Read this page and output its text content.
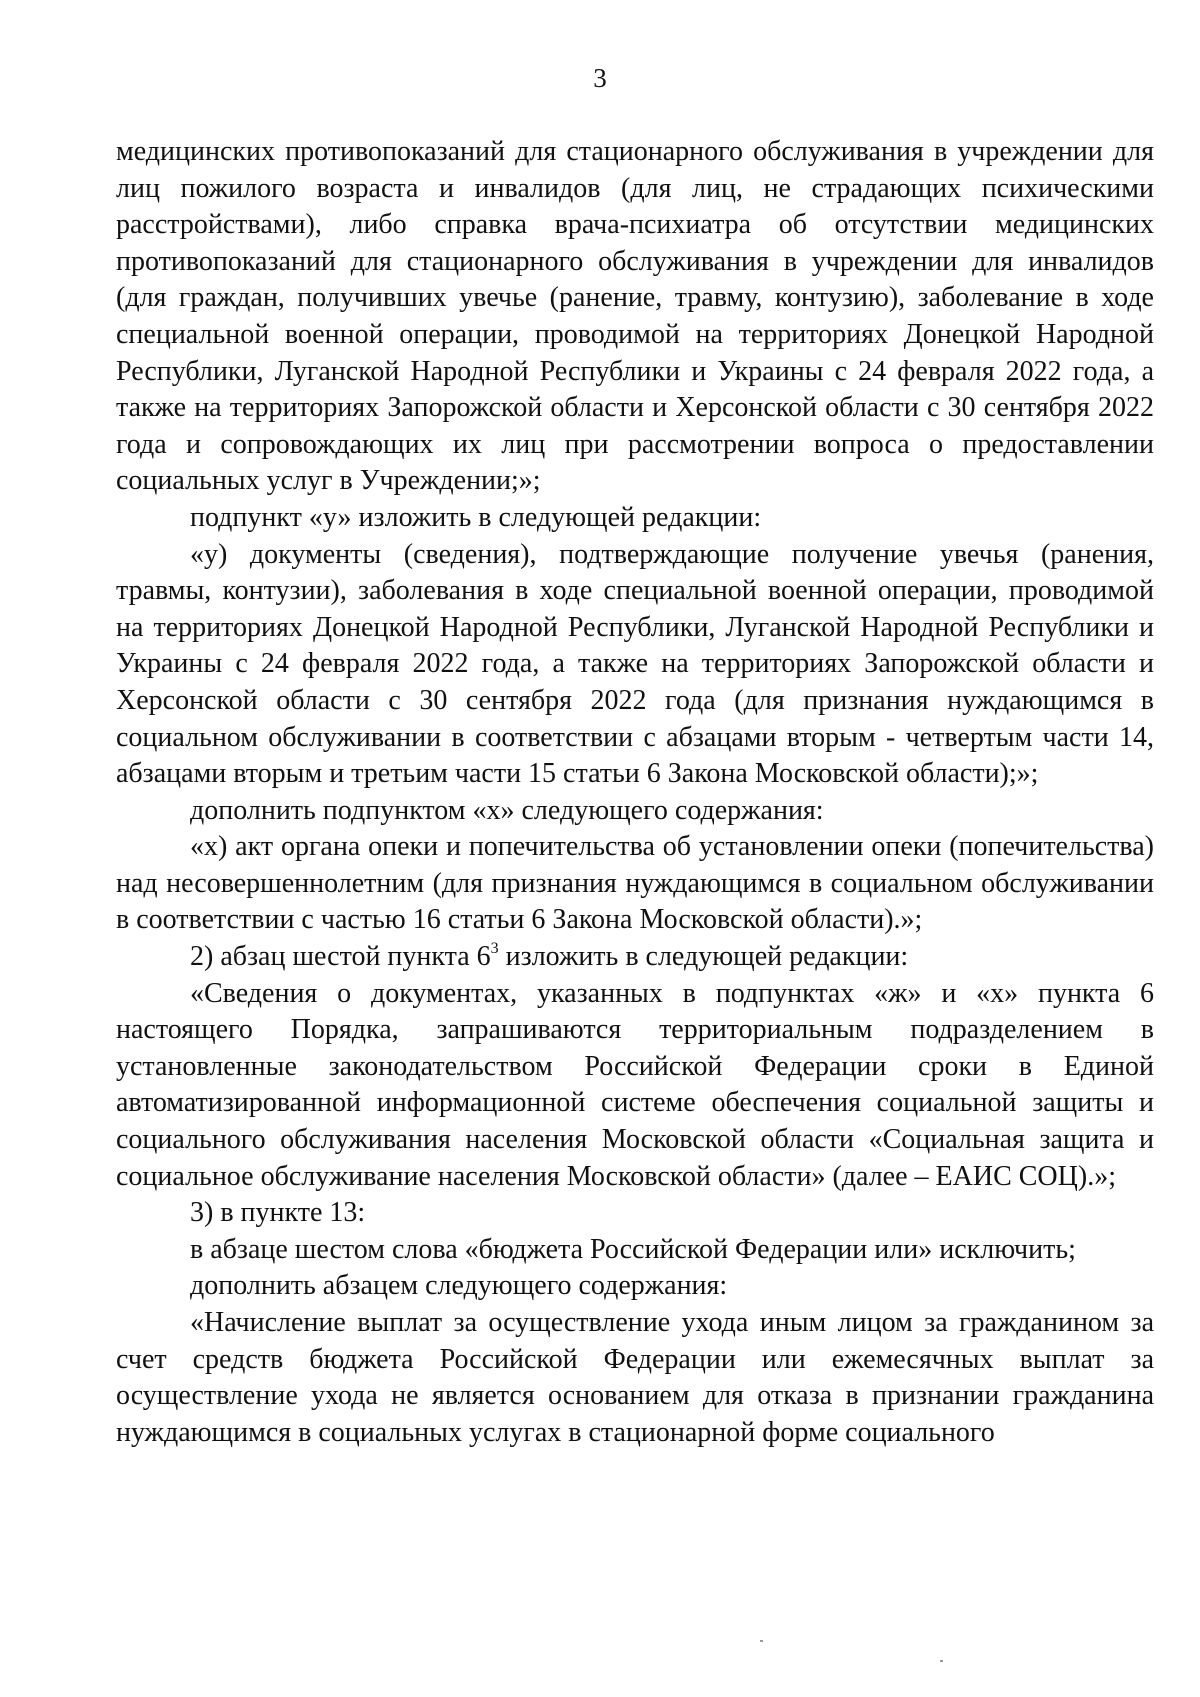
3

медицинских противопоказаний для стационарного обслуживания в учреждении для лиц пожилого возраста и инвалидов (для лиц, не страдающих психическими расстройствами), либо справка врача-психиатра об отсутствии медицинских противопоказаний для стационарного обслуживания в учреждении для инвалидов (для граждан, получивших увечье (ранение, травму, контузию), заболевание в ходе специальной военной операции, проводимой на территориях Донецкой Народной Республики, Луганской Народной Республики и Украины с 24 февраля 2022 года, а также на территориях Запорожской области и Херсонской области с 30 сентября 2022 года и сопровождающих их лиц при рассмотрении вопроса о предоставлении социальных услуг в Учреждении;»;

подпункт «у» изложить в следующей редакции:

«у) документы (сведения), подтверждающие получение увечья (ранения, травмы, контузии), заболевания в ходе специальной военной операции, проводимой на территориях Донецкой Народной Республики, Луганской Народной Республики и Украины с 24 февраля 2022 года, а также на территориях Запорожской области и Херсонской области с 30 сентября 2022 года (для признания нуждающимся в социальном обслуживании в соответствии с абзацами вторым - четвертым части 14, абзацами вторым и третьим части 15 статьи 6 Закона Московской области);»;

дополнить подпунктом «х» следующего содержания:

«х) акт органа опеки и попечительства об установлении опеки (попечительства) над несовершеннолетним (для признания нуждающимся в социальном обслуживании в соответствии с частью 16 статьи 6 Закона Московской области).»;

2) абзац шестой пункта $6^3$ изложить в следующей редакции:

«Сведения о документах, указанных в подпунктах «ж» и «х» пункта 6 настоящего Порядка, запрашиваются территориальным подразделением в установленные законодательством Российской Федерации сроки в Единой автоматизированной информационной системе обеспечения социальной защиты и социального обслуживания населения Московской области «Социальная защита и социальное обслуживание населения Московской области» (далее – ЕАИС СОЦ).»;

3) в пункте 13:

в абзаце шестом слова «бюджета Российской Федерации или» исключить;

дополнить абзацем следующего содержания:

«Начисление выплат за осуществление ухода иным лицом за гражданином за счет средств бюджета Российской Федерации или ежемесячных выплат за осуществление ухода не является основанием для отказа в признании гражданина нуждающимся в социальных услугах в стационарной форме социального
